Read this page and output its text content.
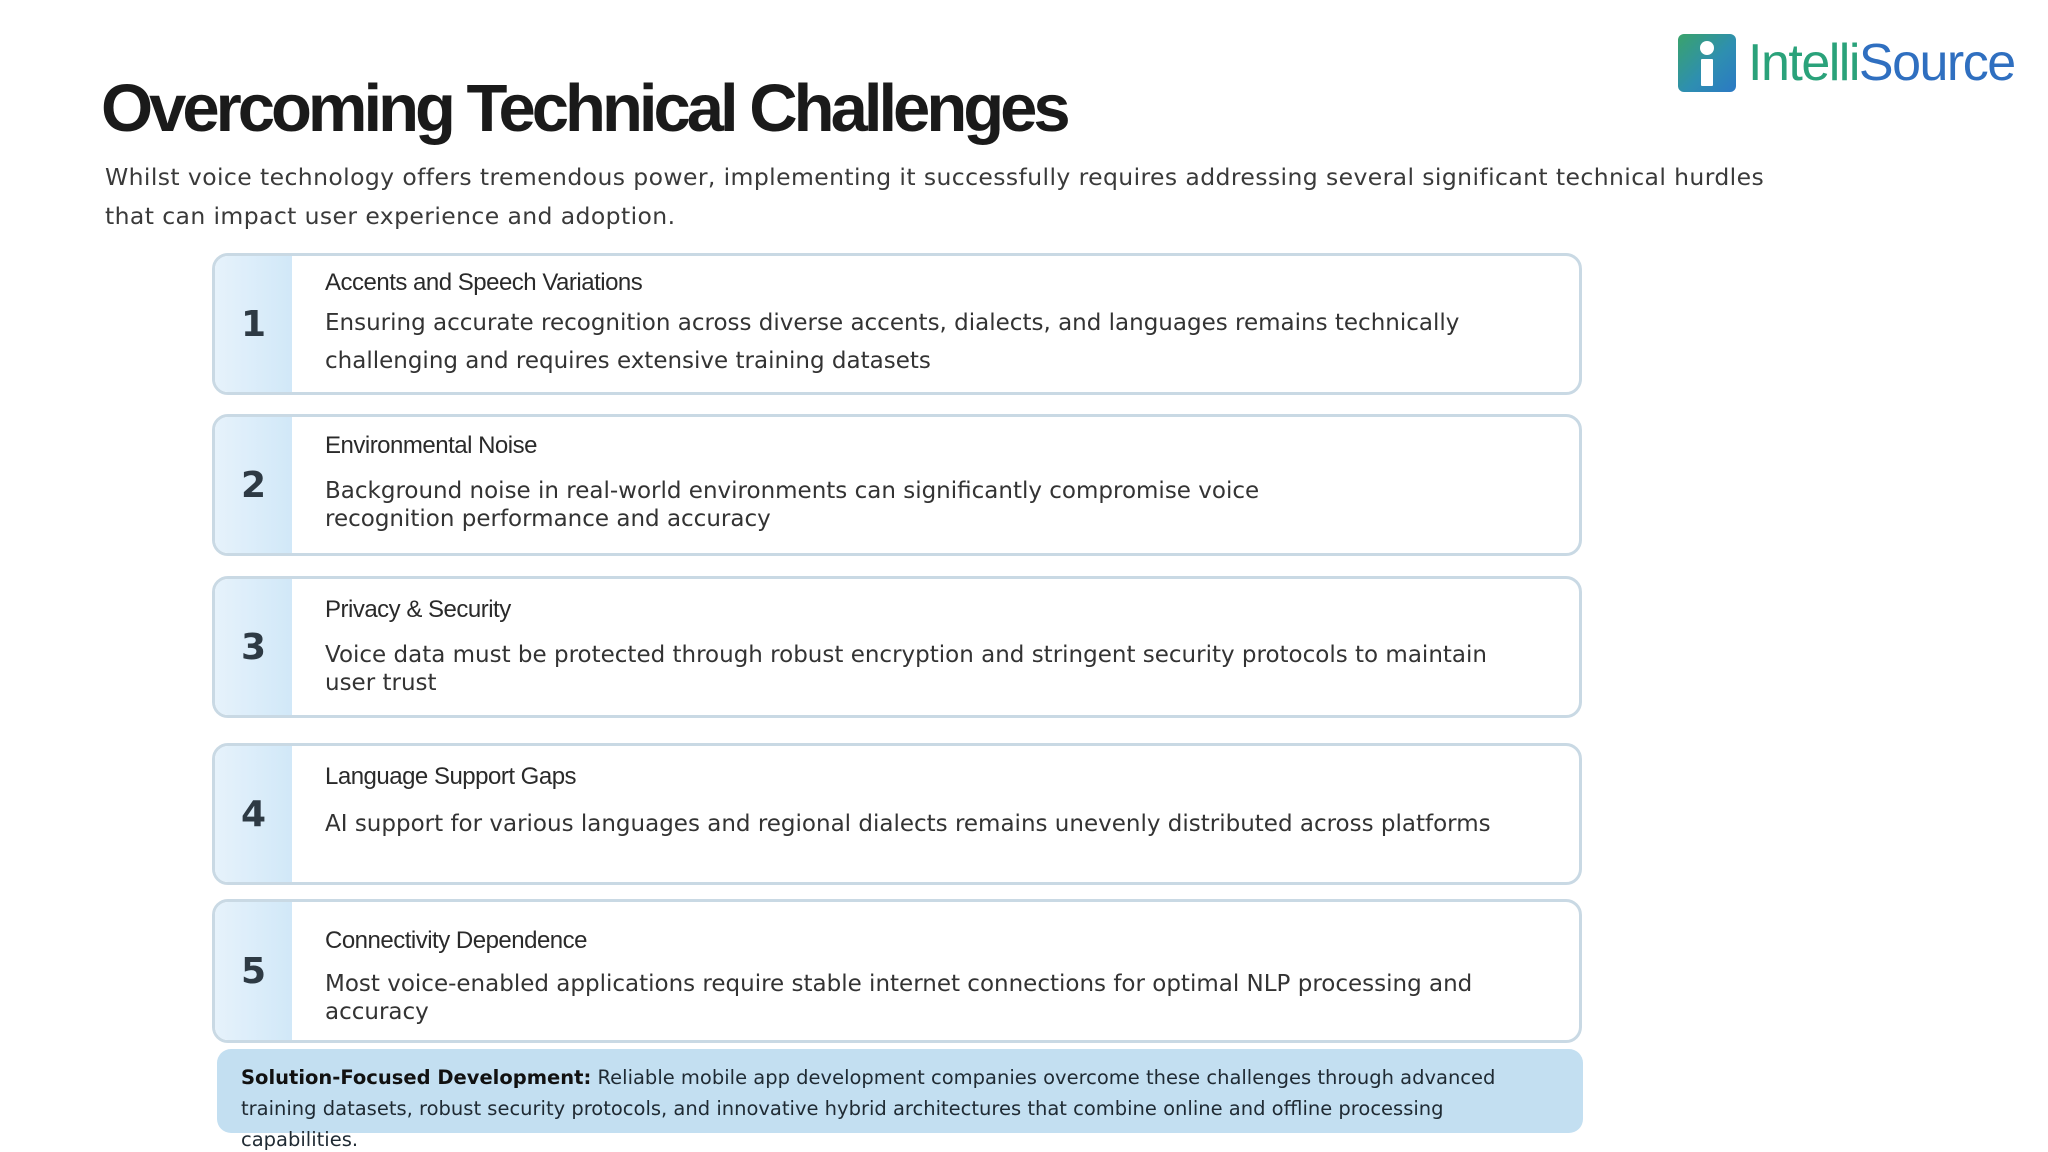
IntelliSource
Overcoming Technical Challenges

Whilst voice technology offers tremendous power, implementing it successfully requires addressing several significant technical hurdles that can impact user experience and adoption.

1
Accents and Speech Variations
Ensuring accurate recognition across diverse accents, dialects, and languages remains technically challenging and requires extensive training datasets
2
Environmental Noise
Background noise in real-world environments can significantly compromise voice recognition performance and accuracy
3
Privacy & Security
Voice data must be protected through robust encryption and stringent security protocols to maintain user trust
4
Language Support Gaps
AI support for various languages and regional dialects remains unevenly distributed across platforms
5
Connectivity Dependence
Most voice-enabled applications require stable internet connections for optimal NLP processing and accuracy
Solution-Focused Development: Reliable mobile app development companies overcome these challenges through advanced training datasets, robust security protocols, and innovative hybrid architectures that combine online and offline processing capabilities.
